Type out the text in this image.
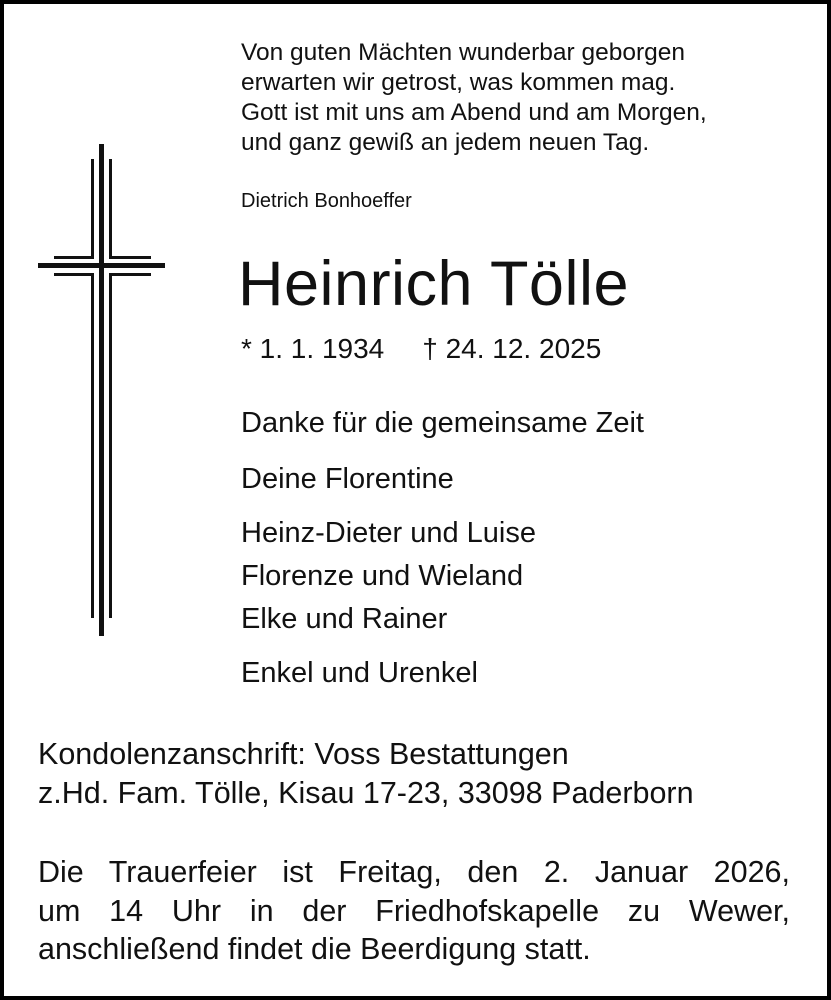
Von guten Mächten wunderbar geborgen
erwarten wir getrost, was kommen mag.
Gott ist mit uns am Abend und am Morgen,
und ganz gewiß an jedem neuen Tag.
Dietrich Bonhoeffer
Heinrich Tölle
* 1. 1. 1934 † 24. 12. 2025
Danke für die gemeinsame Zeit
Deine Florentine
Heinz-Dieter und Luise
Florenze und Wieland
Elke und Rainer
Enkel und Urenkel
Kondolenzanschrift: Voss Bestattungen
z.Hd. Fam. Tölle, Kisau 17-23, 33098 Paderborn
Die Trauerfeier ist Freitag, den 2. Januar 2026,
um 14 Uhr in der Friedhofskapelle zu Wewer,
anschließend findet die Beerdigung statt.
